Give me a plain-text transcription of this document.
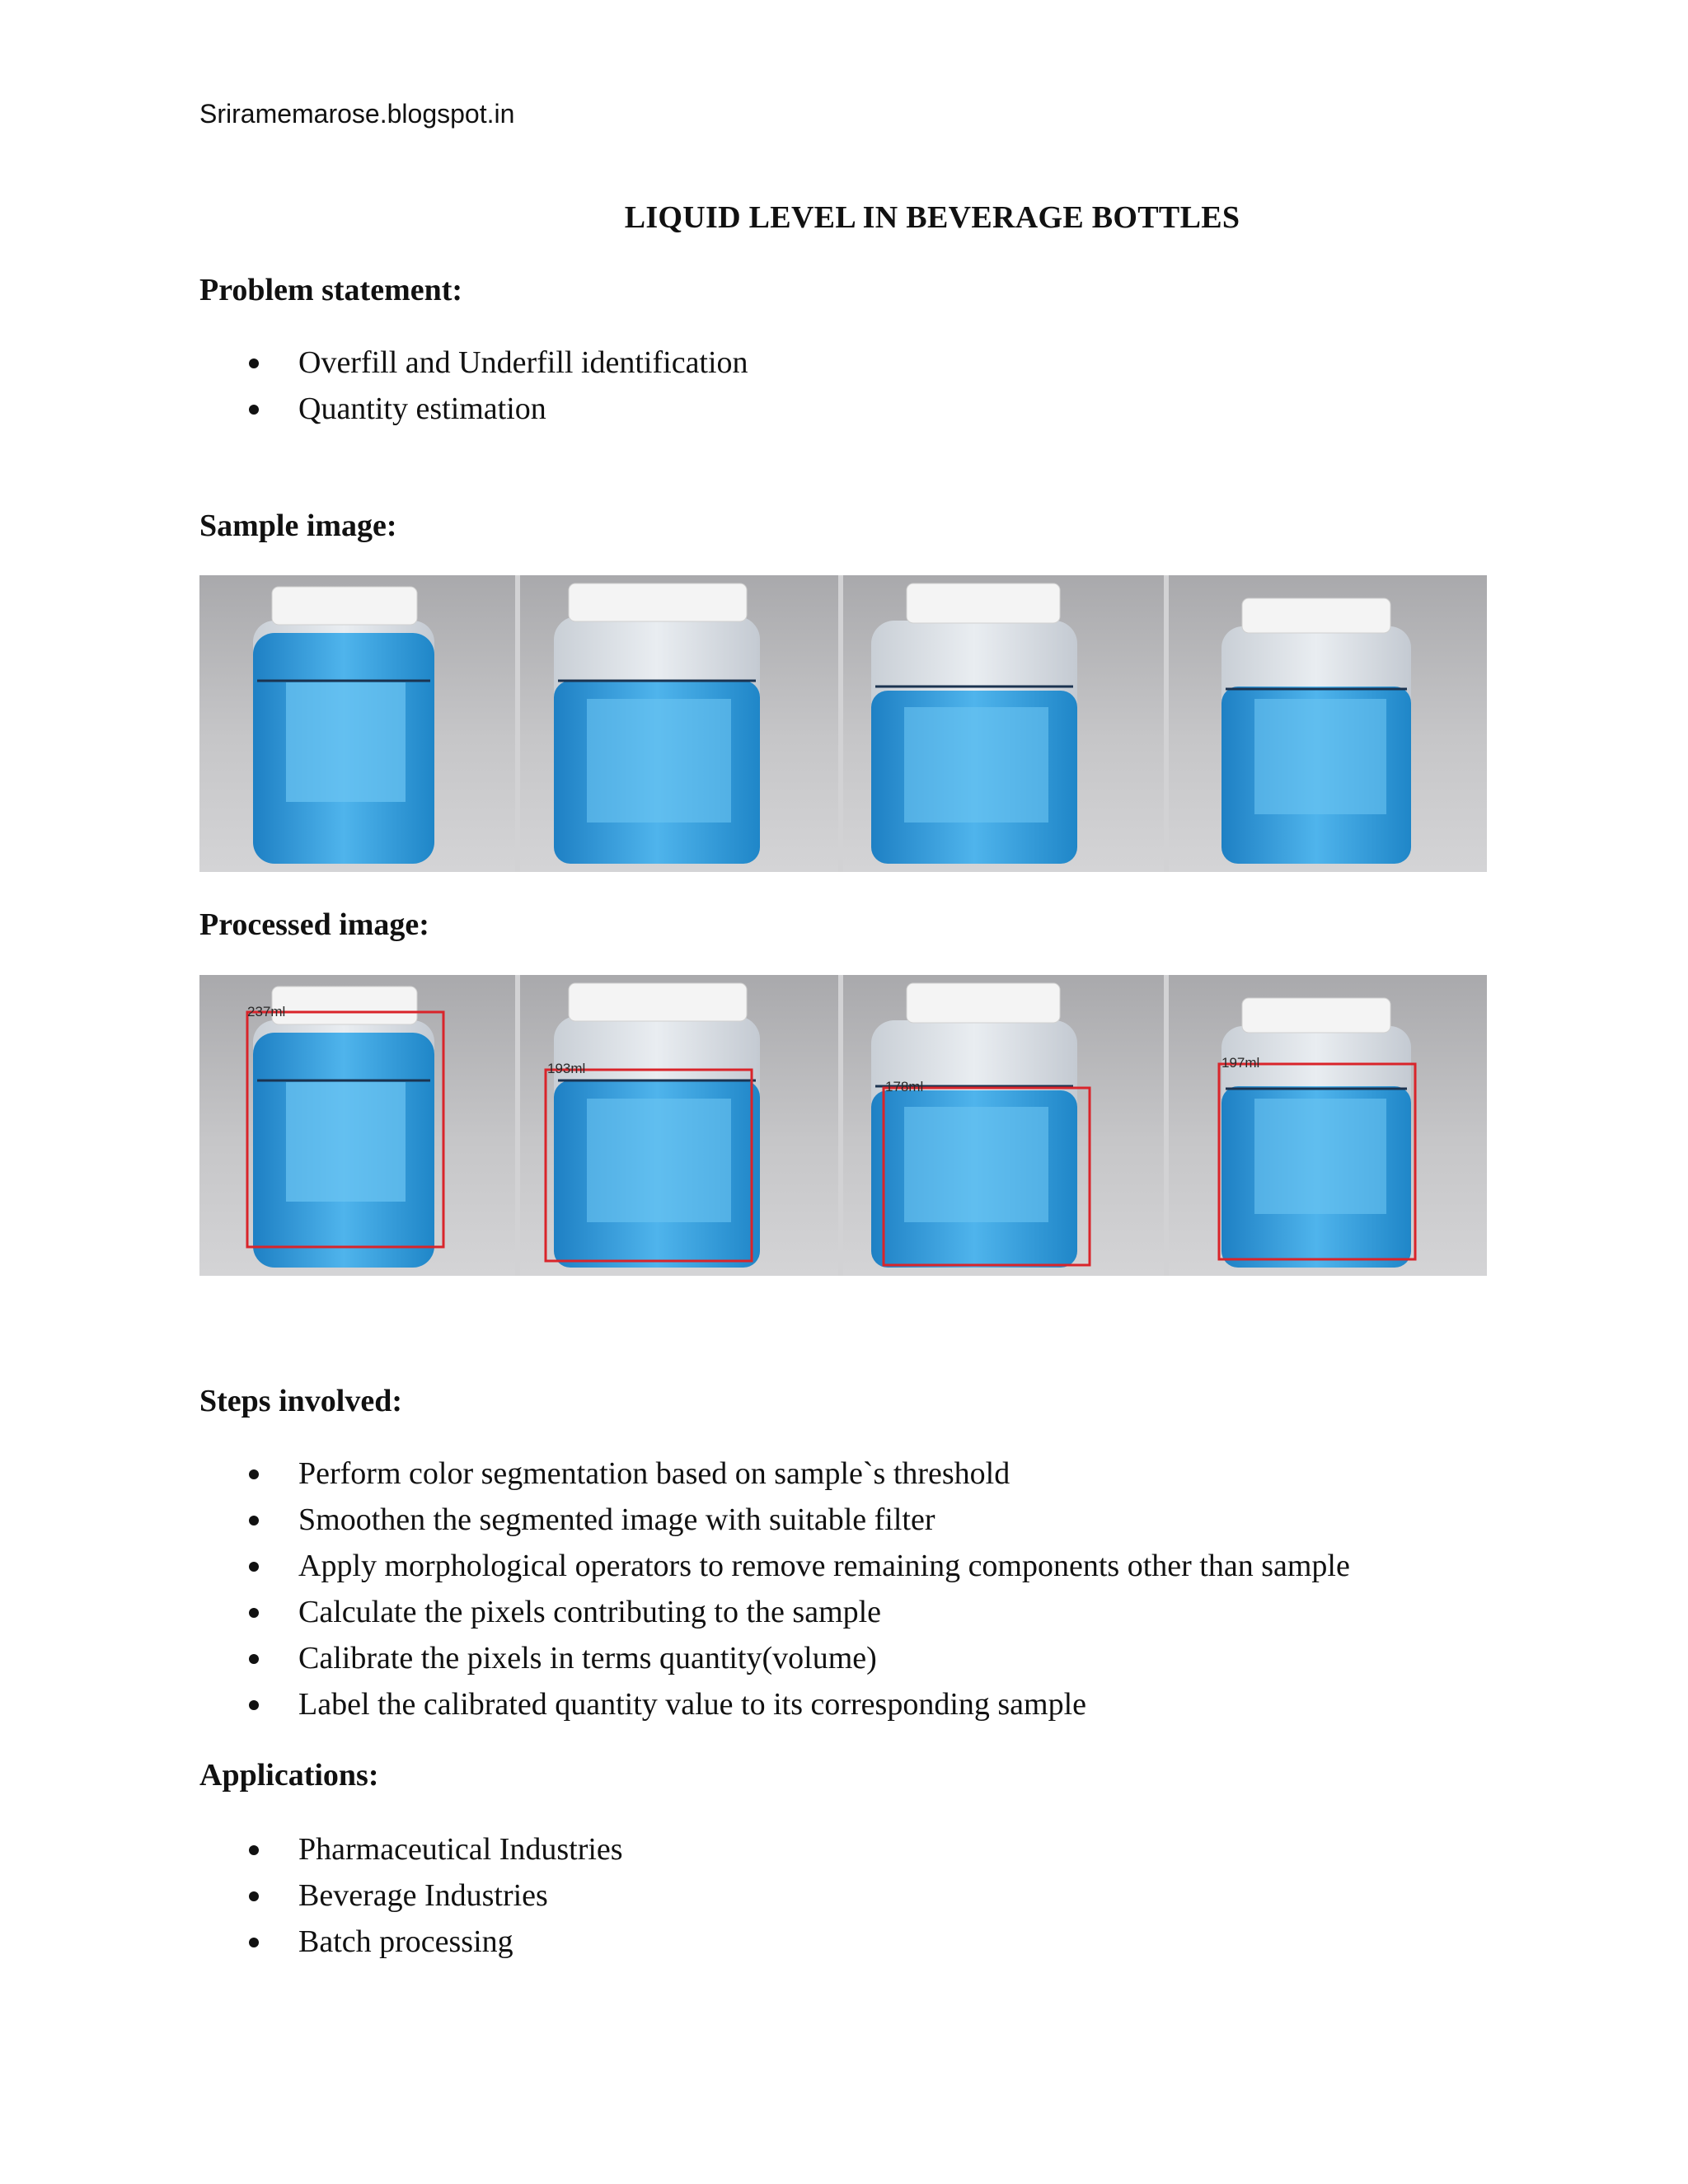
Sriramemarose.blogspot.in
LIQUID LEVEL IN BEVERAGE BOTTLES
Problem statement:
Overfill and Underfill identification
Quantity estimation
Sample image:
Processed image:
237ml
193ml
178ml
197ml
Steps involved:
Perform color segmentation based on sample`s threshold
Smoothen the segmented image with suitable filter
Apply morphological operators to remove remaining components other than sample
Calculate the pixels contributing to the sample
Calibrate the pixels in terms quantity(volume)
Label the calibrated quantity value to its corresponding sample
Applications:
Pharmaceutical Industries
Beverage Industries
Batch processing
